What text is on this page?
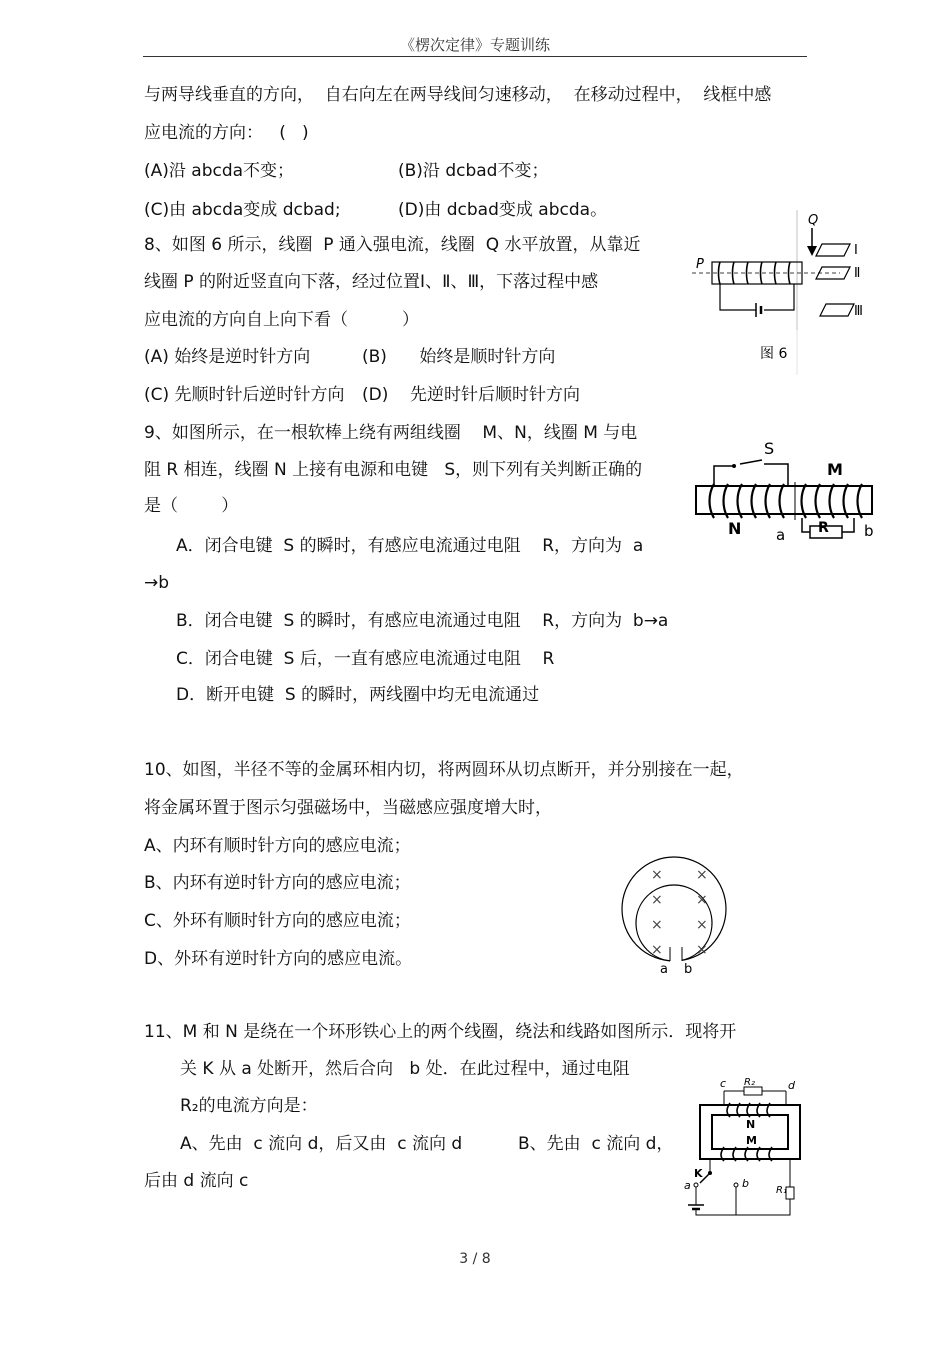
《楞次定律》专题训练
与两导线垂直的方向，  自右向左在两导线间匀速移动，  在移动过程中，  线框中感
应电流的方向：   (   )
(A)沿 abcda不变；	(B)沿 dcbad不变；
(C)由 abcda变成 dcbad;	(D)由 dcbad变成 abcda。
8、如图 6 所示，线圈  P 通入强电流，线圈  Q 水平放置，从靠近
线圈 P 的附近竖直向下落，经过位置Ⅰ、Ⅱ、Ⅲ，下落过程中感
应电流的方向自上向下看（          ）
(A) 始终是逆时针方向	(B)      始终是顺时针方向
(C) 先顺时针后逆时针方向 (D)    先逆时针后顺时针方向
Q
Ⅰ
Ⅱ
Ⅲ
P
图 6
9、如图所示，在一根软棒上绕有两组线圈    M、N，线圈 M 与电
阻 R 相连，线圈 N 上接有电源和电键   S，则下列有关判断正确的
是（        ）
A．闭合电键  S 的瞬时，有感应电流通过电阻    R，方向为  a
→b
B．闭合电键  S 的瞬时，有感应电流通过电阻    R，方向为  b→a
C．闭合电键  S 后，一直有感应电流通过电阻    R
D．断开电键  S 的瞬时，两线圈中均无电流通过
S
M
N	R
a	b
10、如图，半径不等的金属环相内切，将两圆环从切点断开，并分别接在一起，
将金属环置于图示匀强磁场中，当磁感应强度增大时，
A、内环有顺时针方向的感应电流；
B、内环有逆时针方向的感应电流；
C、外环有顺时针方向的感应电流；
D、外环有逆时针方向的感应电流。
× ×
× ×
× ×
× ×
a b
11、M 和 N 是绕在一个环形铁心上的两个线圈，绕法和线路如图所示．现将开
关 K 从 a 处断开，然后合向   b 处．在此过程中，通过电阻
R₂的电流方向是：
A、先由  c 流向 d，后又由  c 流向 d	B、先由  c 流向 d，
后由 d 流向 c
c R₂	d
N
M
R₁
K
a	b
3 / 8
